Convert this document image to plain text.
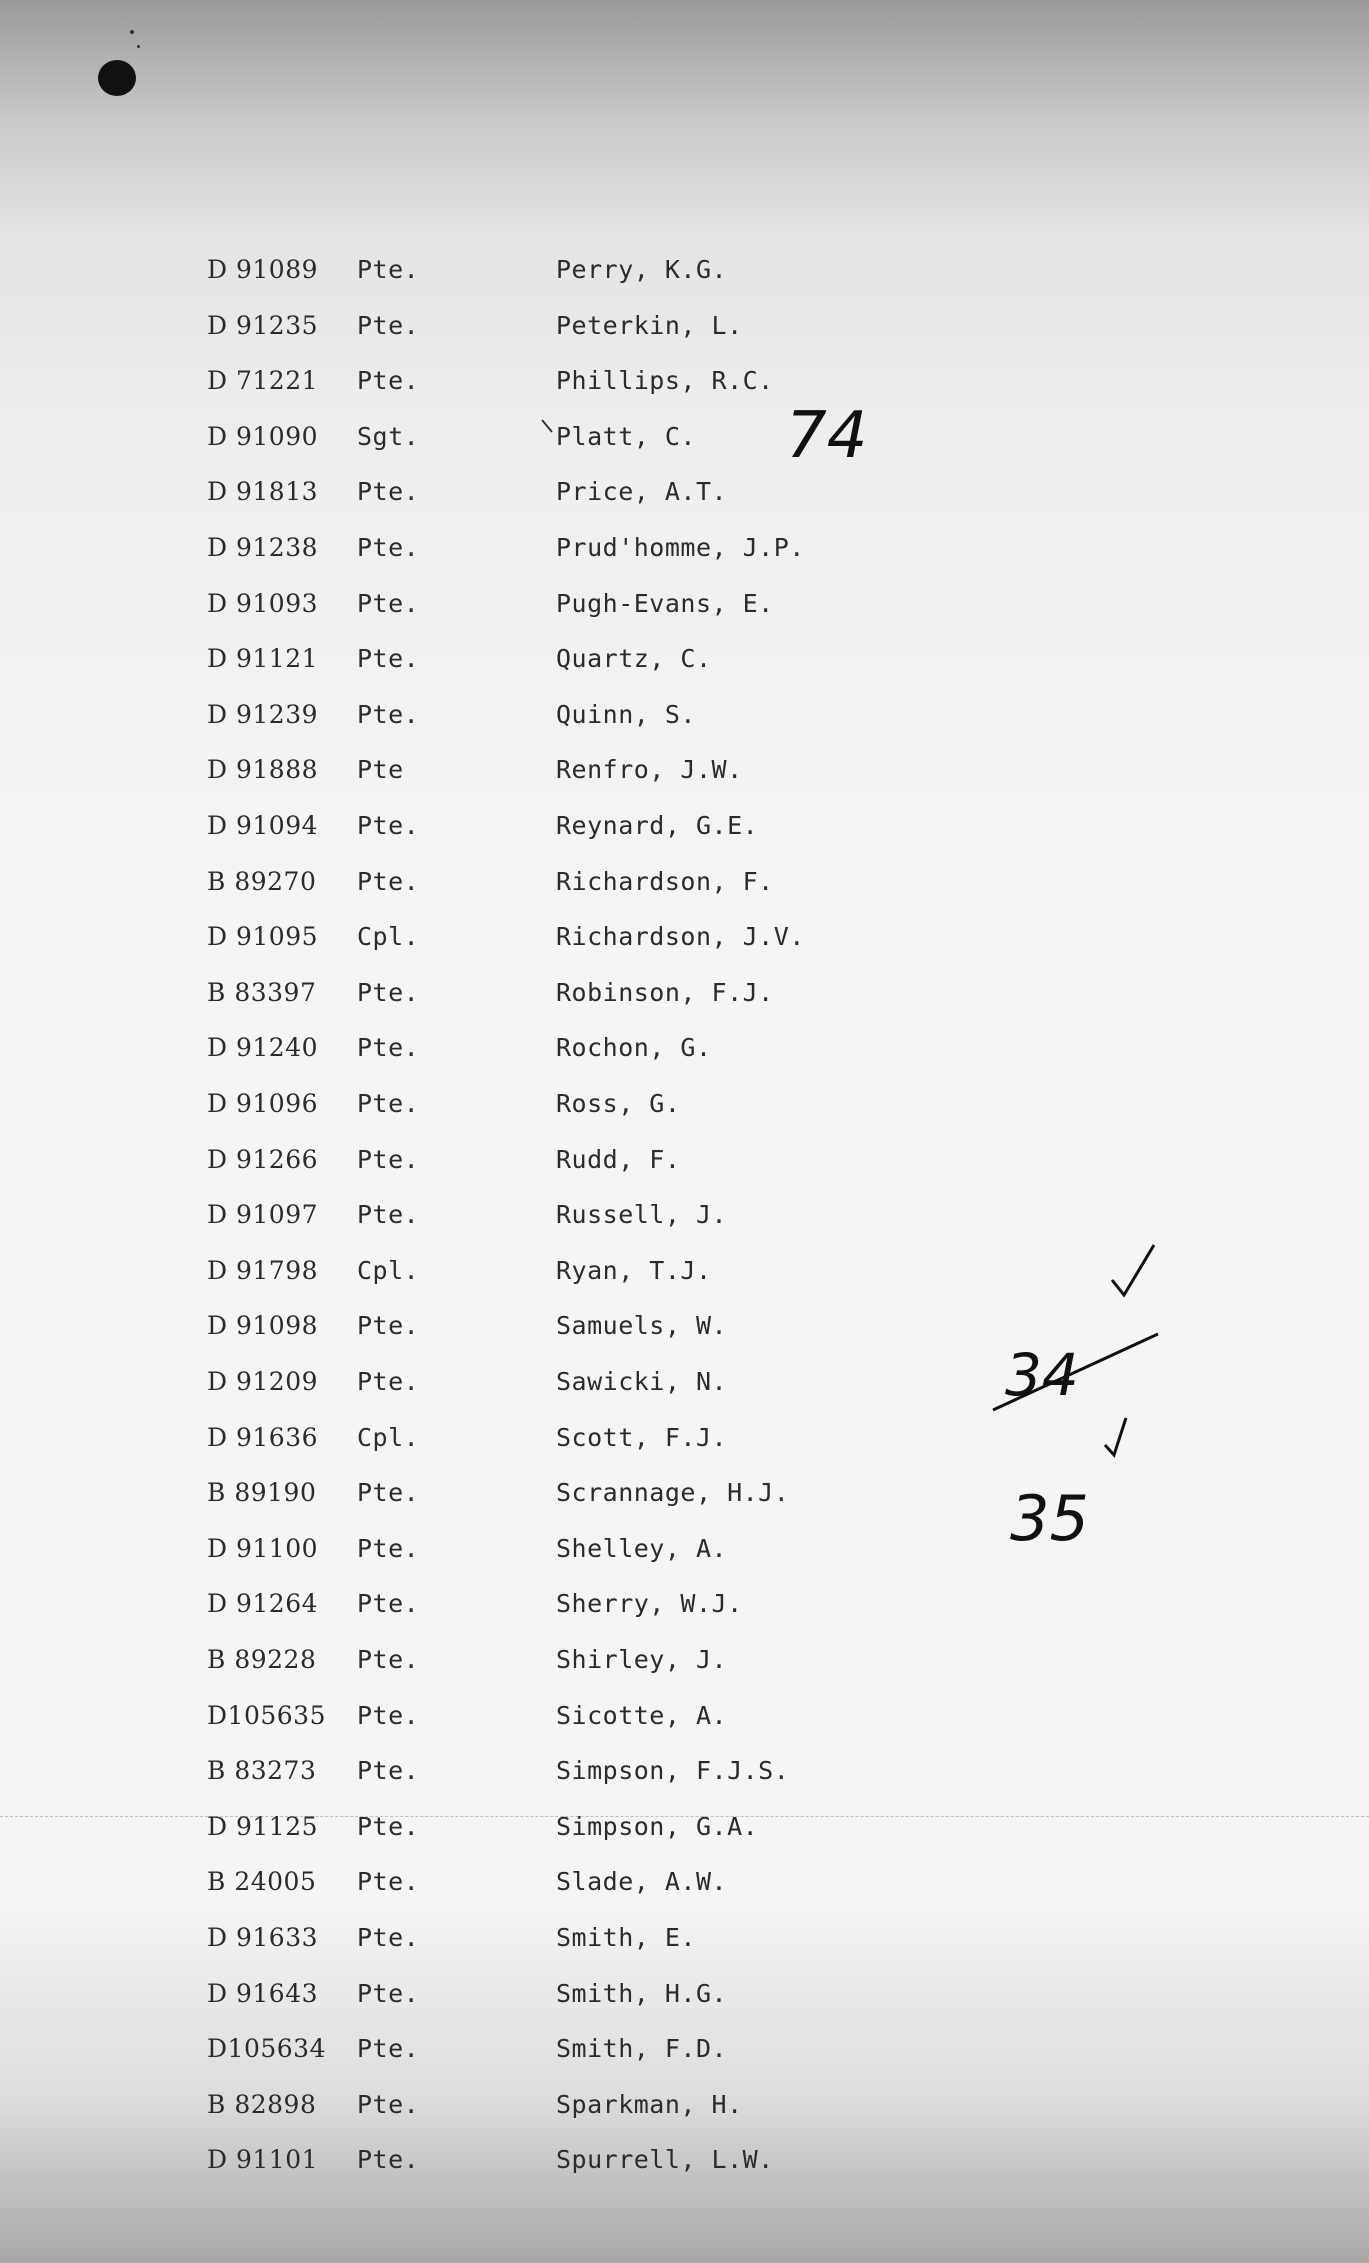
D 91089	Pte.	Perry, K.G.
D 91235	Pte.	Peterkin, L.
D 71221	Pte.	Phillips, R.C.
D 91090	Sgt.	Platt, C.
D 91813	Pte.	Price, A.T.
D 91238	Pte.	Prud'homme, J.P.
D 91093	Pte.	Pugh-Evans, E.
D 91121	Pte.	Quartz, C.
D 91239	Pte.	Quinn, S.
D 91888	Pte	Renfro, J.W.
D 91094	Pte.	Reynard, G.E.
B 89270	Pte.	Richardson, F.
D 91095	Cpl.	Richardson, J.V.
B 83397	Pte.	Robinson, F.J.
D 91240	Pte.	Rochon, G.
D 91096	Pte.	Ross, G.
D 91266	Pte.	Rudd, F.
D 91097	Pte.	Russell, J.
D 91798	Cpl.	Ryan, T.J.
D 91098	Pte.	Samuels, W.
D 91209	Pte.	Sawicki, N.
D 91636	Cpl.	Scott, F.J.
B 89190	Pte.	Scrannage, H.J.
D 91100	Pte.	Shelley, A.
D 91264	Pte.	Sherry, W.J.
B 89228	Pte.	Shirley, J.
D105635	Pte.	Sicotte, A.
B 83273	Pte.	Simpson, F.J.S.
D 91125	Pte.	Simpson, G.A.
B 24005	Pte.	Slade, A.W.
D 91633	Pte.	Smith, E.
D 91643	Pte.	Smith, H.G.
D105634	Pte.	Smith, F.D.
B 82898	Pte.	Sparkman, H.
D 91101	Pte.	Spurrell, L.W.
74
34
35
